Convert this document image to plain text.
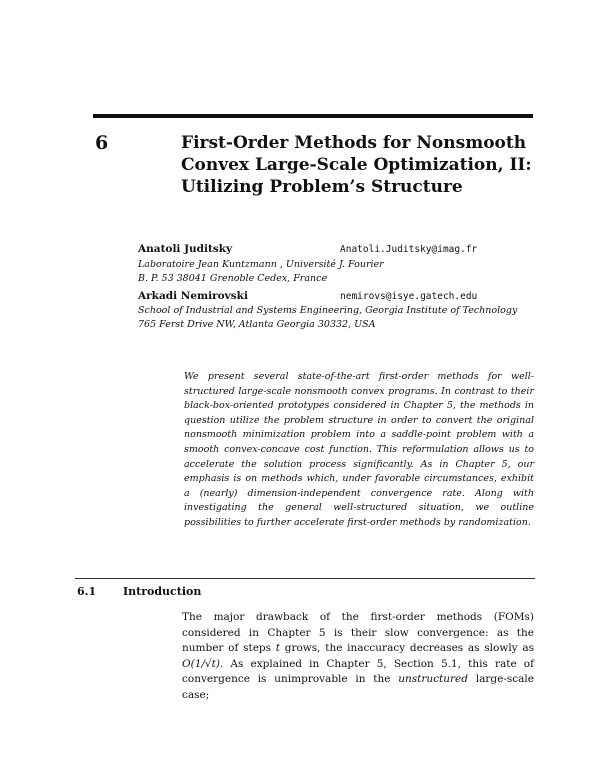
6	First-Order Methods for Nonsmooth
Convex Large-Scale Optimization, II:
Utilizing Problem’s Structure
Anatoli Juditsky	Anatoli.Juditsky@imag.fr
Laboratoire Jean Kuntzmann , Université J. Fourier
B. P. 53 38041 Grenoble Cedex, France
Arkadi Nemirovski	nemirovs@isye.gatech.edu
School of Industrial and Systems Engineering, Georgia Institute of Technology
765 Ferst Drive NW, Atlanta Georgia 30332, USA
We present several state-of-the-art first-order methods for well-structured large-scale nonsmooth convex programs. In contrast to their black-box-oriented prototypes considered in Chapter 5, the methods in question utilize the problem structure in order to convert the original nonsmooth minimization problem into a saddle-point problem with a smooth convex-concave cost function. This reformulation allows us to accelerate the solution process significantly. As in Chapter 5, our emphasis is on methods which, under favorable circumstances, exhibit a (nearly) dimension-independent convergence rate. Along with investigating the general well-structured situation, we outline possibilities to further accelerate first-order methods by randomization.
6.1 Introduction
The major drawback of the first-order methods (FOMs) considered in Chapter 5 is their slow convergence: as the number of steps t grows, the inaccuracy decreases as slowly as O(1/√t). As explained in Chapter 5, Section 5.1, this rate of convergence is unimprovable in the unstructured large-scale case;
